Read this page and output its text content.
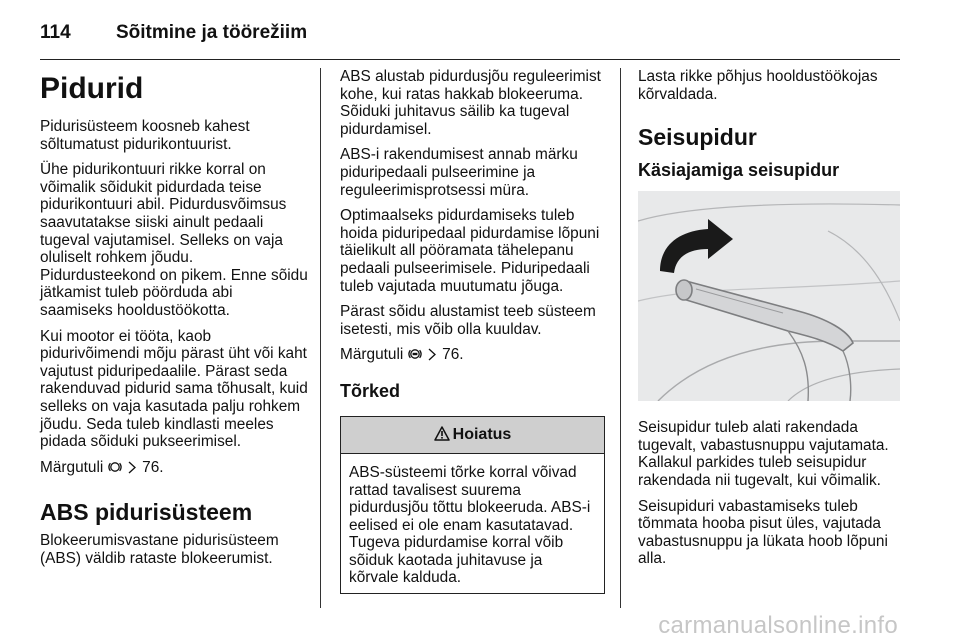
114 Sõitmine ja töörežiim
Pidurid

Pidurisüsteem koosneb kahest sõltumatust pidurikontuurist.

Ühe pidurikontuuri rikke korral on võimalik sõidukit pidurdada teise pidurikontuuri abil. Pidurdusvõimsus saavutatakse siiski ainult pedaali tugeval vajutamisel. Selleks on vaja oluliselt rohkem jõudu. Pidurdusteekond on pikem. Enne sõidu jätkamist tuleb pöörduda abi saamiseks hooldustöökotta.

Kui mootor ei tööta, kaob pidurivõimendi mõju pärast üht või kaht vajutust piduripedaalile. Pärast seda rakenduvad pidurid sama tõhusalt, kuid selleks on vaja kasutada palju rohkem jõudu. Seda tuleb kindlasti meeles pidada sõiduki pukseerimisel.

Märgutuli	76.

ABS pidurisüsteem

Blokeerumisvastane pidurisüsteem (ABS) väldib rataste blokeerumist.

ABS alustab pidurdusjõu reguleerimist kohe, kui ratas hakkab blokeeruma. Sõiduki juhitavus säilib ka tugeval pidurdamisel.

ABS-i rakendumisest annab märku piduripedaali pulseerimine ja reguleerimisprotsessi müra.

Optimaalseks pidurdamiseks tuleb hoida piduripedaal pidurdamise lõpuni täielikult all pööramata tähelepanu pedaali pulseerimisele. Piduripedaali tuleb vajutada muutumatu jõuga.

Pärast sõidu alustamist teeb süsteem isetesti, mis võib olla kuuldav.

Märgutuli	76.

Tõrked
Hoiatus
ABS-süsteemi tõrke korral võivad rattad tavalisest suurema pidurdusjõu tõttu blokeeruda. ABS-i eelised ei ole enam kasutatavad. Tugeva pidurdamise korral võib sõiduk kaotada juhitavuse ja kõrvale kalduda.

Lasta rikke põhjus hooldustöökojas kõrvaldada.

Seisupidur
Käsiajamiga seisupidur

Seisupidur tuleb alati rakendada tugevalt, vabastusnuppu vajutamata. Kallakul parkides tuleb seisupidur rakendada nii tugevalt, kui võimalik.

Seisupiduri vabastamiseks tuleb tõmmata hooba pisut üles, vajutada vabastusnuppu ja lükata hoob lõpuni alla.

carmanualsonline.info
